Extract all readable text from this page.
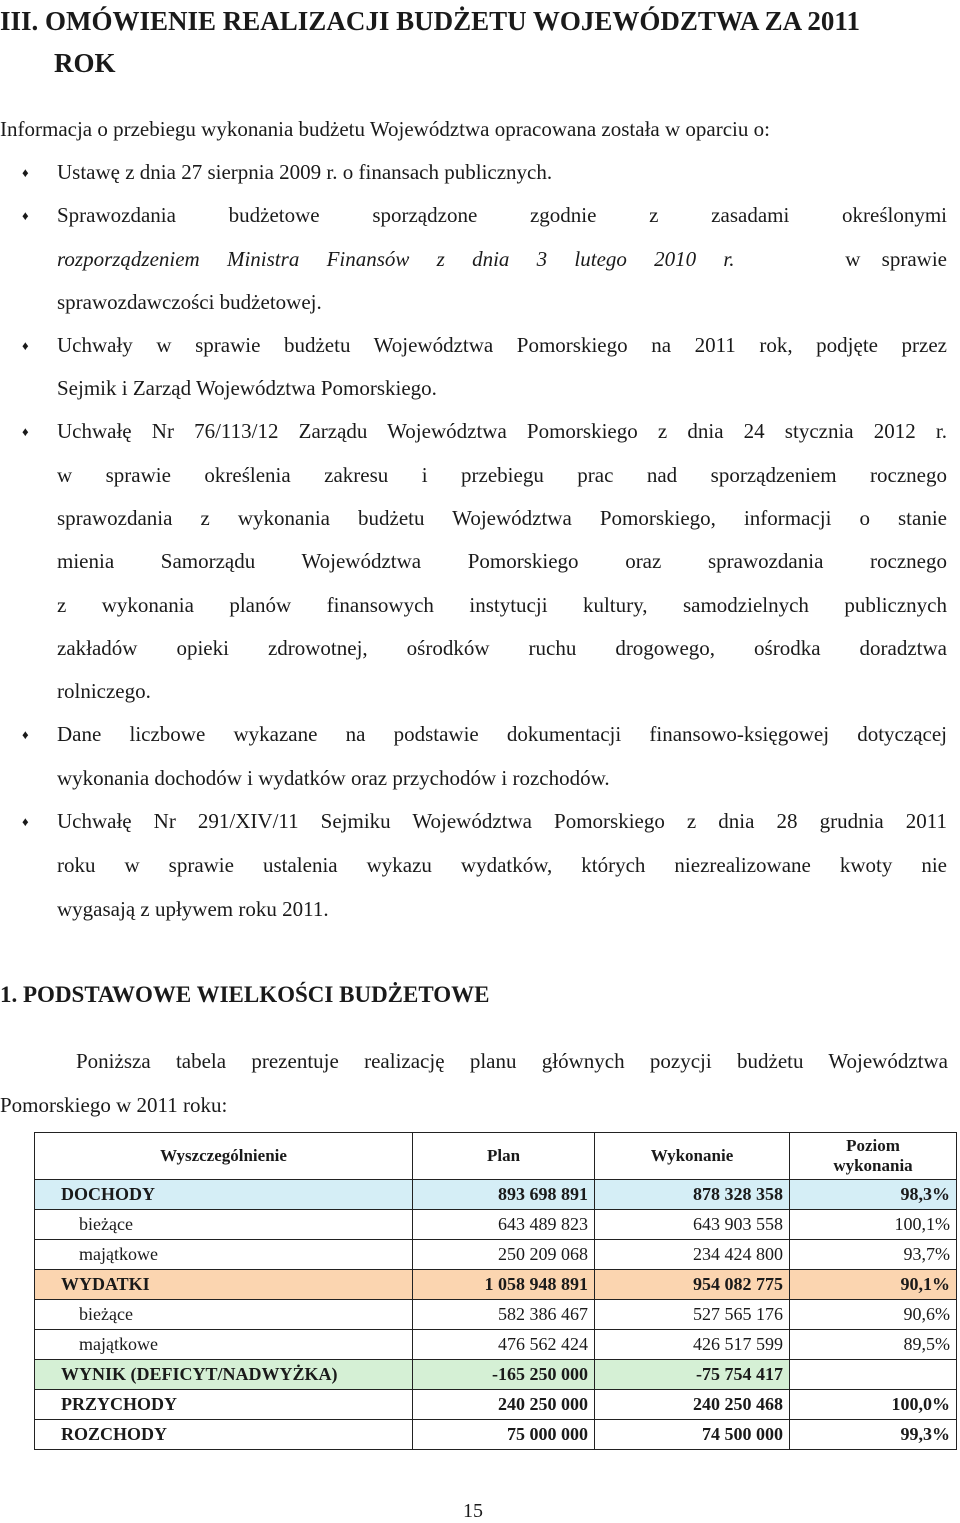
III. OMÓWIENIE REALIZACJI BUDŻETU WOJEWÓDZTWA ZA 2011
ROK
Informacja o przebiegu wykonania budżetu Województwa opracowana została w oparciu o:
♦ Ustawę z dnia 27 sierpnia 2009 r. o finansach publicznych.
♦ Sprawozdania budżetowe sporządzone zgodnie z zasadami określonymi
rozporządzeniem Ministra Finansów z dnia 3 lutego 2010 r.	w sprawie
sprawozdawczości budżetowej.
♦ Uchwały w sprawie budżetu Województwa Pomorskiego na 2011 rok, podjęte przez
Sejmik i Zarząd Województwa Pomorskiego.
♦ Uchwałę Nr 76/113/12 Zarządu Województwa Pomorskiego z dnia 24 stycznia 2012 r.
w sprawie określenia zakresu i przebiegu prac nad sporządzeniem rocznego
sprawozdania z wykonania budżetu Województwa Pomorskiego, informacji o stanie
mienia Samorządu Województwa Pomorskiego oraz sprawozdania rocznego
z wykonania planów finansowych instytucji kultury, samodzielnych publicznych
zakładów opieki zdrowotnej, ośrodków ruchu drogowego, ośrodka doradztwa
rolniczego.
♦ Dane liczbowe wykazane na podstawie dokumentacji finansowo-księgowej dotyczącej
wykonania dochodów i wydatków oraz przychodów i rozchodów.
♦ Uchwałę Nr 291/XIV/11 Sejmiku Województwa Pomorskiego z dnia 28 grudnia 2011
roku w sprawie ustalenia wykazu wydatków, których niezrealizowane kwoty nie
wygasają z upływem roku 2011.
1. PODSTAWOWE WIELKOŚCI BUDŻETOWE
Poniższa tabela prezentuje realizację planu głównych pozycji budżetu Województwa
Pomorskiego w 2011 roku:
Wyszczególnienie	Plan	Wykonanie	Poziom
wykonania

DOCHODY	893 698 891	878 328 358	98,3%
bieżące	643 489 823	643 903 558	100,1%
majątkowe	250 209 068	234 424 800	93,7%
WYDATKI	1 058 948 891	954 082 775	90,1%
bieżące	582 386 467	527 565 176	90,6%
majątkowe	476 562 424	426 517 599	89,5%
WYNIK (DEFICYT/NADWYŻKA)	-165 250 000	-75 754 417	
PRZYCHODY	240 250 000	240 250 468	100,0%
ROZCHODY	75 000 000	74 500 000	99,3%
15
